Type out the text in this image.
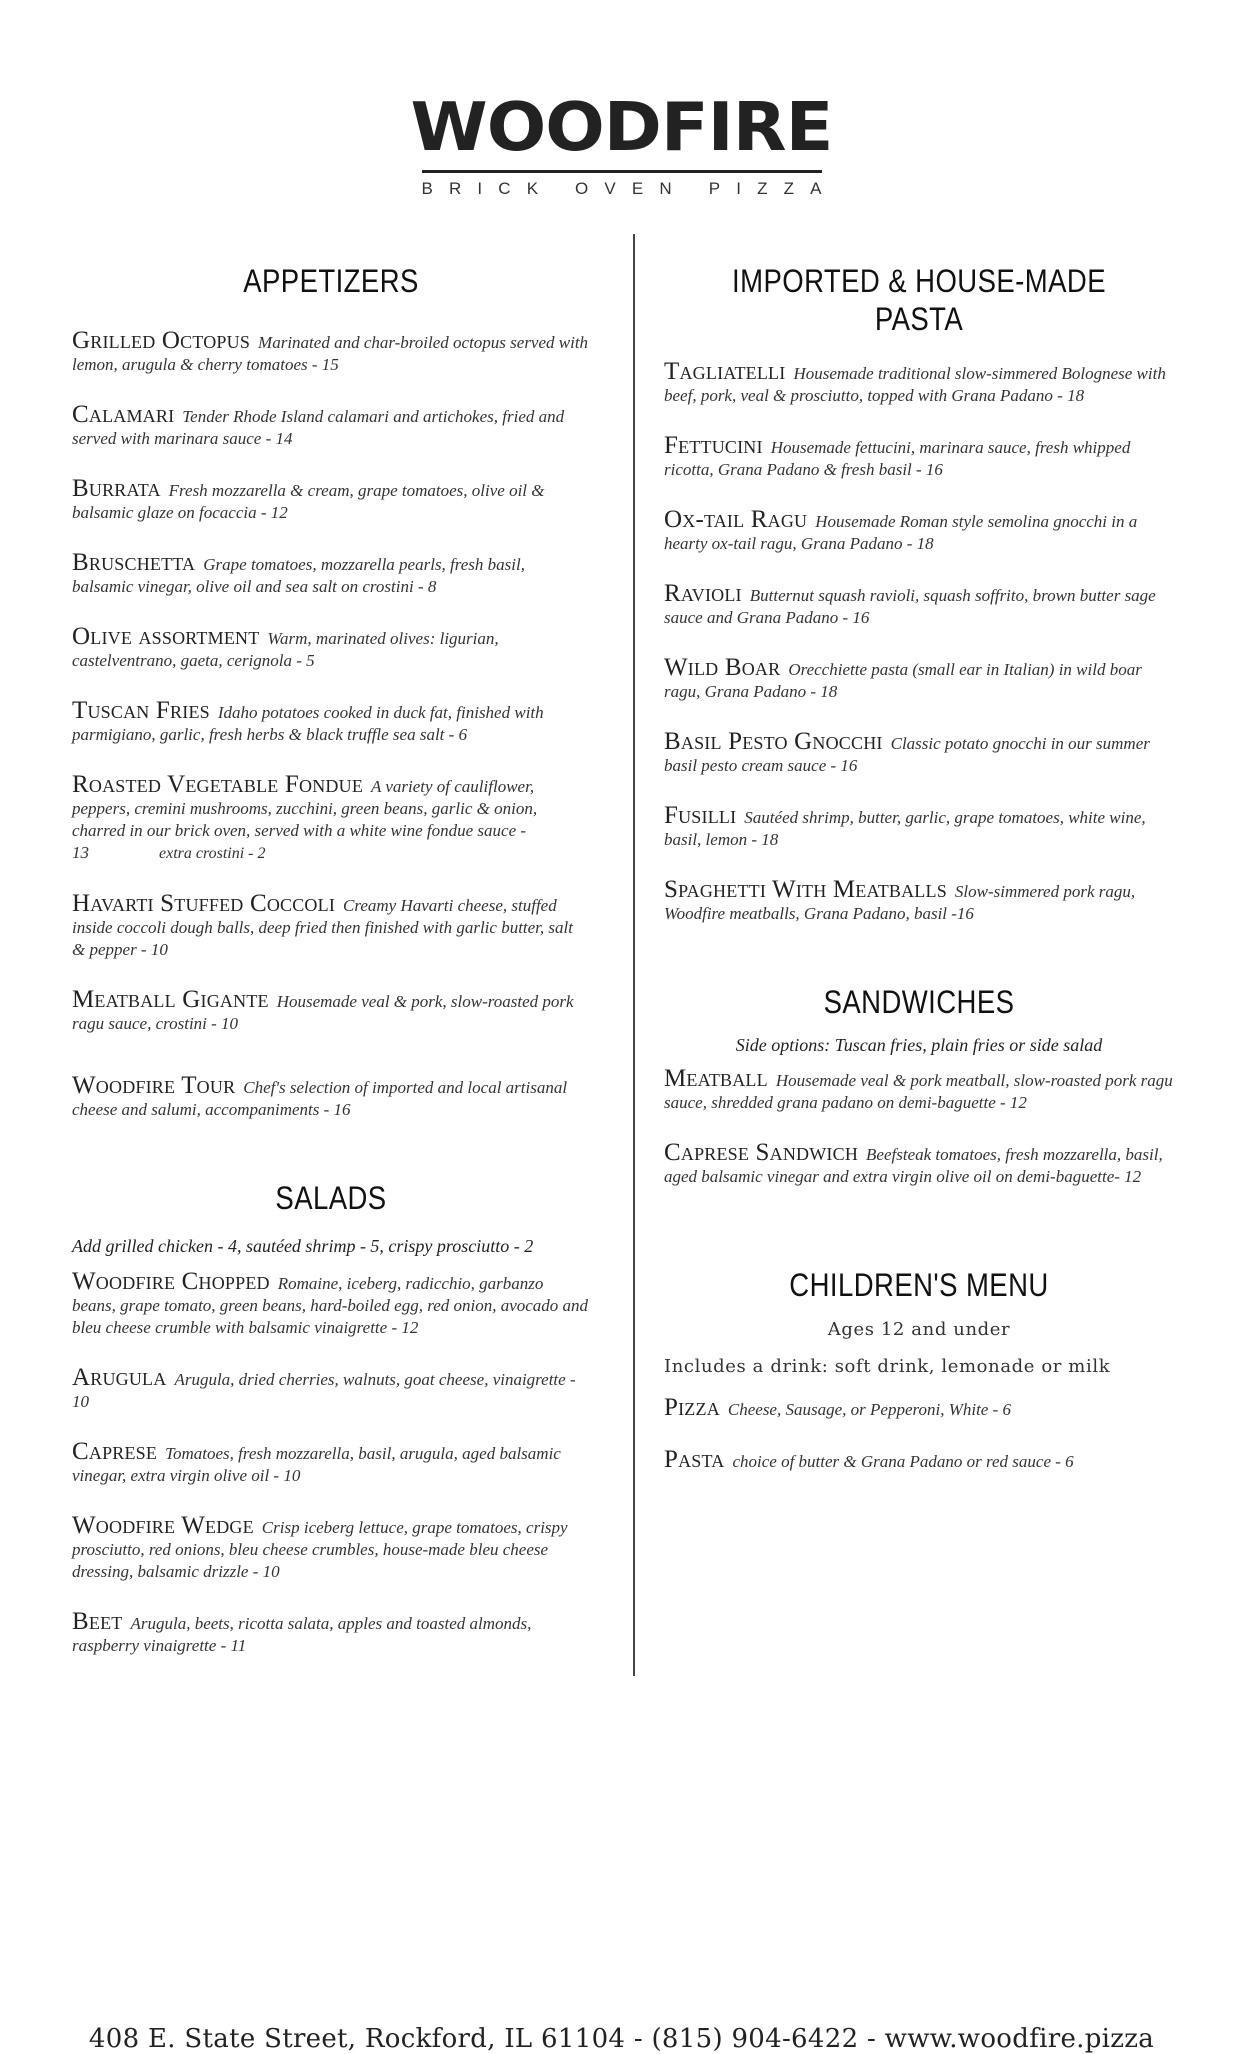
WOODFIRE
BRICK OVEN PIZZA
APPETIZERS

Grilled Octopus Marinated and char-broiled octopus served with lemon, arugula & cherry tomatoes - 15

Calamari Tender Rhode Island calamari and artichokes, fried and served with marinara sauce - 14

Burrata Fresh mozzarella & cream, grape tomatoes, olive oil & balsamic glaze on focaccia - 12

Bruschetta Grape tomatoes, mozzarella pearls, fresh basil, balsamic vinegar, olive oil and sea salt on crostini - 8

Olive assortment Warm, marinated olives: ligurian, castelventrano, gaeta, cerignola - 5

Tuscan Fries Idaho potatoes cooked in duck fat, finished with parmigiano, garlic, fresh herbs & black truffle sea salt - 6

Roasted Vegetable Fondue A variety of cauliflower, peppers, cremini mushrooms, zucchini, green beans, garlic & onion, charred in our brick oven, served with a white wine fondue sauce - 13	extra crostini - 2

Havarti Stuffed Coccoli Creamy Havarti cheese, stuffed inside coccoli dough balls, deep fried then finished with garlic butter, salt & pepper - 10

Meatball Gigante Housemade veal & pork, slow-roasted pork ragu sauce, crostini - 10

Woodfire Tour Chef's selection of imported and local artisanal cheese and salumi, accompaniments - 16

SALADS

Add grilled chicken - 4, sautéed shrimp - 5, crispy prosciutto - 2

Woodfire Chopped Romaine, iceberg, radicchio, garbanzo beans, grape tomato, green beans, hard-boiled egg, red onion, avocado and bleu cheese crumble with balsamic vinaigrette - 12

Arugula Arugula, dried cherries, walnuts, goat cheese, vinaigrette - 10

Caprese Tomatoes, fresh mozzarella, basil, arugula, aged balsamic vinegar, extra virgin olive oil - 10

Woodfire Wedge Crisp iceberg lettuce, grape tomatoes, crispy prosciutto, red onions, bleu cheese crumbles, house-made bleu cheese dressing, balsamic drizzle - 10

Beet Arugula, beets, ricotta salata, apples and toasted almonds, raspberry vinaigrette - 11

IMPORTED & HOUSE-MADE PASTA

Tagliatelli Housemade traditional slow-simmered Bolognese with beef, pork, veal & prosciutto, topped with Grana Padano - 18

Fettucini Housemade fettucini, marinara sauce, fresh whipped ricotta, Grana Padano & fresh basil - 16

Ox-tail Ragu Housemade Roman style semolina gnocchi in a hearty ox-tail ragu, Grana Padano - 18

Ravioli Butternut squash ravioli, squash soffrito, brown butter sage sauce and Grana Padano - 16

Wild Boar Orecchiette pasta (small ear in Italian) in wild boar ragu, Grana Padano - 18

Basil Pesto Gnocchi Classic potato gnocchi in our summer basil pesto cream sauce - 16

Fusilli Sautéed shrimp, butter, garlic, grape tomatoes, white wine, basil, lemon - 18

Spaghetti With Meatballs Slow-simmered pork ragu, Woodfire meatballs, Grana Padano, basil -16

SANDWICHES

Side options: Tuscan fries, plain fries or side salad

Meatball Housemade veal & pork meatball, slow-roasted pork ragu sauce, shredded grana padano on demi-baguette - 12

Caprese Sandwich Beefsteak tomatoes, fresh mozzarella, basil, aged balsamic vinegar and extra virgin olive oil on demi-baguette- 12

CHILDREN'S MENU

Ages 12 and under

Includes a drink: soft drink, lemonade or milk

Pizza Cheese, Sausage, or Pepperoni, White - 6

Pasta choice of butter & Grana Padano or red sauce - 6

408 E. State Street, Rockford, IL 61104 - (815) 904-6422 - www.woodfire.pizza
